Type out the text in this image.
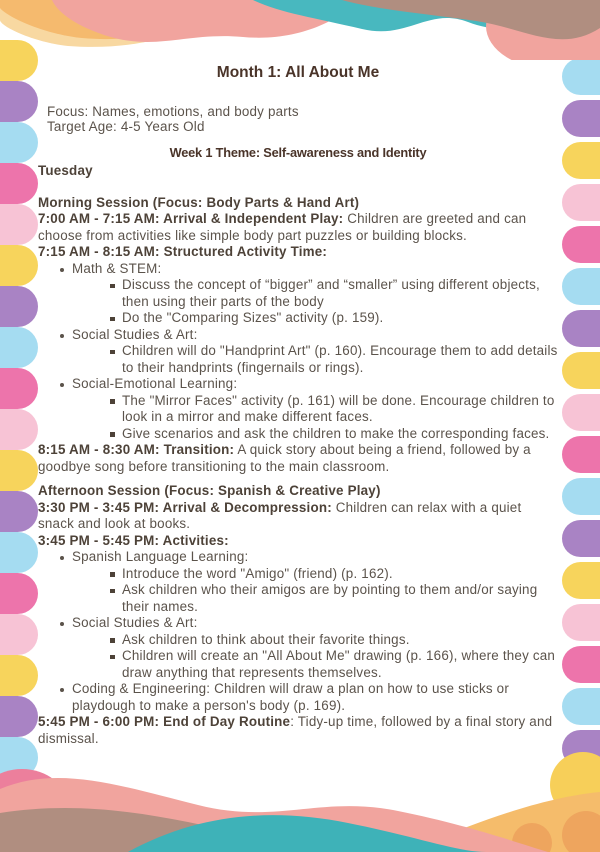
Month 1: All About Me
Focus: Names, emotions, and body parts
Target Age: 4-5 Years Old
Week 1 Theme: Self-awareness and Identity
Tuesday
Morning Session (Focus: Body Parts & Hand Art)

7:00 AM - 7:15 AM: Arrival & Independent Play: Children are greeted and can choose from activities like simple body part puzzles or building blocks.

7:15 AM - 8:15 AM: Structured Activity Time:
Math & STEM:
Discuss the concept of “bigger” and “smaller” using different objects, then using their parts of the body
Do the "Comparing Sizes" activity (p. 159).
Social Studies & Art:
Children will do "Handprint Art" (p. 160). Encourage them to add details to their handprints (fingernails or rings).
Social-Emotional Learning:
The "Mirror Faces" activity (p. 161) will be done. Encourage children to look in a mirror and make different faces.
Give scenarios and ask the children to make the corresponding faces.

8:15 AM - 8:30 AM: Transition: A quick story about being a friend, followed by a goodbye song before transitioning to the main classroom.

Afternoon Session (Focus: Spanish & Creative Play)

3:30 PM - 3:45 PM: Arrival & Decompression: Children can relax with a quiet snack and look at books.

3:45 PM - 5:45 PM: Activities:
Spanish Language Learning:
Introduce the word "Amigo" (friend) (p. 162).
Ask children who their amigos are by pointing to them and/or saying their names.
Social Studies & Art:
Ask children to think about their favorite things.
Children will create an "All About Me" drawing (p. 166), where they can draw anything that represents themselves.
Coding & Engineering: Children will draw a plan on how to use sticks or playdough to make a person's body (p. 169).

5:45 PM - 6:00 PM: End of Day Routine: Tidy-up time, followed by a final story and dismissal.
